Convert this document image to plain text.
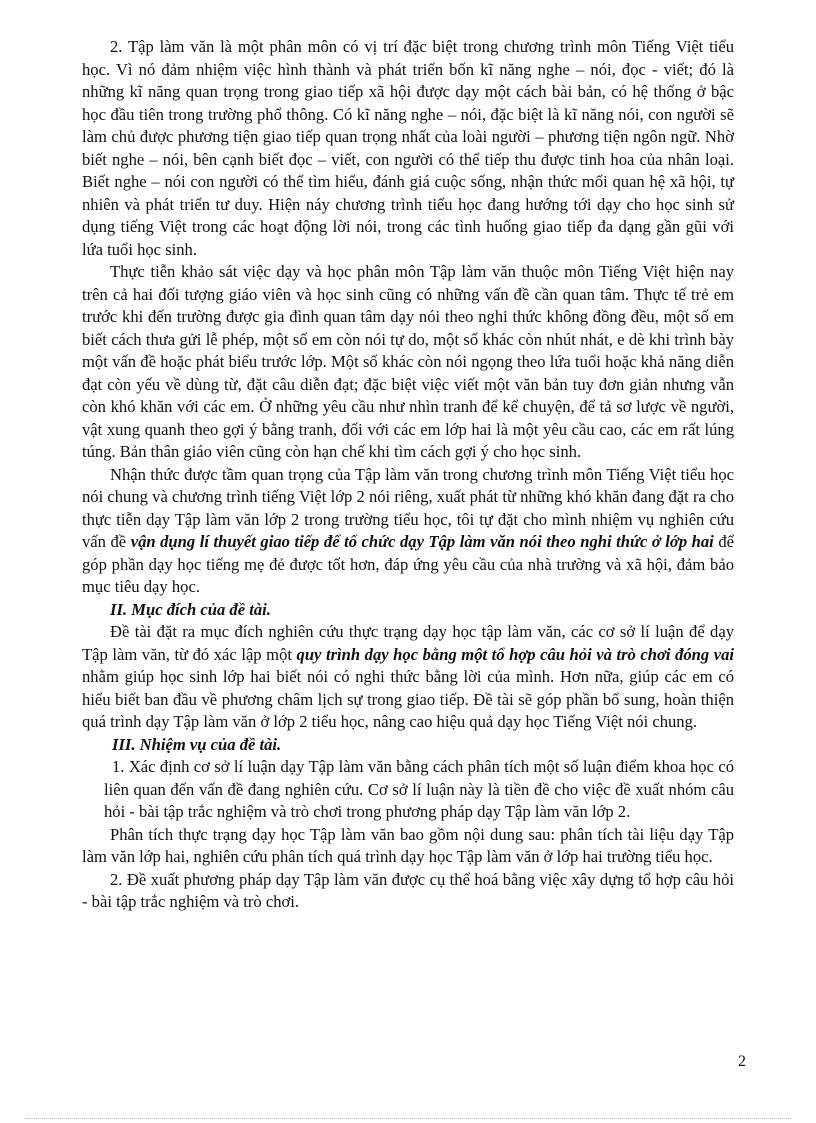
2. Tập làm văn là một phân môn có vị trí đặc biệt trong chương trình môn Tiếng Việt tiểu học. Vì nó đảm nhiệm việc hình thành và phát triển bốn kĩ năng nghe – nói, đọc - viết; đó là những kĩ năng quan trọng trong giao tiếp xã hội được dạy một cách bài bản, có hệ thống ở bậc học đầu tiên trong trường phổ thông. Có kĩ năng nghe – nói, đặc biệt là kĩ năng nói, con người sẽ làm chủ được phương tiện giao tiếp quan trọng nhất của loài người – phương tiện ngôn ngữ. Nhờ biết nghe – nói, bên cạnh biết đọc – viết, con người có thể tiếp thu được tinh hoa của nhân loại. Biết nghe – nói con người có thể tìm hiểu, đánh giá cuộc sống, nhận thức mối quan hệ xã hội, tự nhiên và phát triển tư duy. Hiện náy chương trình tiểu học đang hướng tới dạy cho học sinh sử dụng tiếng Việt trong các hoạt động lời nói, trong các tình huống giao tiếp đa dạng gần gũi với lứa tuổi học sinh.

Thực tiễn khảo sát việc dạy và học phân môn Tập làm văn thuộc môn Tiếng Việt hiện nay trên cả hai đối tượng giáo viên và học sinh cũng có những vấn đề cần quan tâm. Thực tế trẻ em trước khi đến trường được gia đình quan tâm dạy nói theo nghi thức không đồng đều, một số em biết cách thưa gửi lễ phép, một số em còn nói tự do, một số khác còn nhút nhát, e dè khi trình bày một vấn đề hoặc phát biểu trước lớp. Một số khác còn nói ngọng theo lứa tuổi hoặc khả năng diễn đạt còn yếu về dùng từ, đặt câu diễn đạt; đặc biệt việc viết một văn bản tuy đơn giản nhưng vẫn còn khó khăn với các em. Ở những yêu cầu như nhìn tranh để kể chuyện, để tả sơ lược về người, vật xung quanh theo gợi ý bằng tranh, đối với các em lớp hai là một yêu cầu cao, các em rất lúng túng. Bản thân giáo viên cũng còn hạn chế khi tìm cách gợi ý cho học sinh.

Nhận thức được tầm quan trọng của Tập làm văn trong chương trình môn Tiếng Việt tiểu học nói chung và chương trình tiếng Việt lớp 2 nói riêng, xuất phát từ những khó khăn đang đặt ra cho thực tiễn dạy Tập làm văn lớp 2 trong trường tiểu học, tôi tự đặt cho mình nhiệm vụ nghiên cứu vấn đề vận dụng lí thuyết giao tiếp để tổ chức dạy Tập làm văn nói theo nghi thức ở lớp hai để góp phần dạy học tiếng mẹ đẻ được tốt hơn, đáp ứng yêu cầu của nhà trường và xã hội, đảm bảo mục tiêu dạy học.

II. Mục đích của đề tài.

Đề tài đặt ra mục đích nghiên cứu thực trạng dạy học tập làm văn, các cơ sở lí luận để dạy Tập làm văn, từ đó xác lập một quy trình dạy học bằng một tổ hợp câu hỏi và trò chơi đóng vai nhằm giúp học sinh lớp hai biết nói có nghi thức bằng lời của mình. Hơn nữa, giúp các em có hiểu biết ban đầu về phương châm lịch sự trong giao tiếp. Đề tài sẽ góp phần bổ sung, hoàn thiện quá trình dạy Tập làm văn ở lớp 2 tiểu học, nâng cao hiệu quả dạy học Tiếng Việt nói chung.

III. Nhiệm vụ của đề tài.

1. Xác định cơ sở lí luận dạy Tập làm văn bằng cách phân tích một số luận điểm khoa học có liên quan đến vấn đề đang nghiên cứu. Cơ sở lí luận này là tiền đề cho việc đề xuất nhóm câu hỏi - bài tập trắc nghiệm và trò chơi trong phương pháp dạy Tập làm văn lớp 2.

Phân tích thực trạng dạy học Tập làm văn bao gồm nội dung sau: phân tích tài liệu dạy Tập làm văn lớp hai, nghiên cứu phân tích quá trình dạy học Tập làm văn ở lớp hai trường tiểu học.

2. Đề xuất phương pháp dạy Tập làm văn được cụ thể hoá bằng việc xây dựng tổ hợp câu hỏi - bài tập trắc nghiệm và trò chơi.

2
